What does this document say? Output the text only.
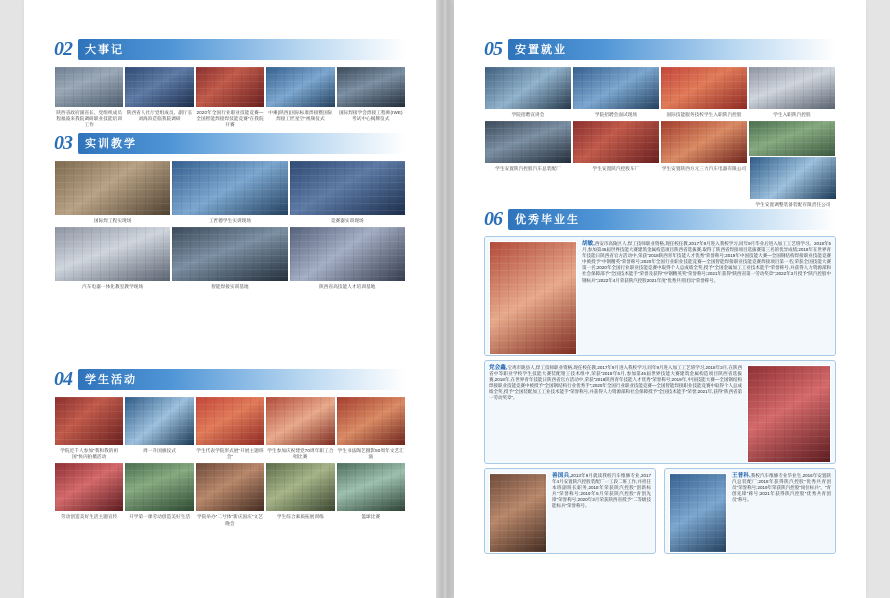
02 大事记
陕西省政府副省长、党组织成员程福波来我院调研职业技能培训工作
陕西省人社厅党组成员、副厅长刘海滨莅临我院调研
2020年全国行业职业技能竞赛—全国智能焊接焊技能竞赛“在我院开赛
中乘(陕西)国际标准焊接暨国际焊接工匠星空“视频仪式
国际焊接学会焊接工程师(IWE)考试中心揭牌仪式
03 实训教学
国际焊工程实现场	工匠德学生实训现场	竞赛器实训现场
汽车电器一体化教室教学现场	智能焊接实训基地	陕西省高技能人才培训基地
04 学生活动
学院近千人参加“我和我的祖国”快闪拍摄活动
周一升国旗仪式	学生代表学院形式展“开展主题班会”
学生参加庆祝建党70周年职工合唱比赛
学生书法陶艺摄影50周年文艺汇演
劳动创造美好生活主题宣传	开学第一课劳动创造美好生活	学院举办“二兮体“新庆国庆”文艺晚会
学生综合素质拓展训练	篮球比赛
05 安置就业
学院招聘宣讲会	学院招聘会面试现场	国际技能服务技校学生入职陕汽控股	学生入职陕汽控股
学生安置陕汽控股汽车总装配厂	学生安置陕汽控股车厂	学生安置陕西方元三力汽车电器有限公司
学生安置调整装备装配有限责任公司
06 优秀毕业生
胡敏,西安市高陵区人,焊工技师职业资格,现任校任教,2017年9月进入我校学习,同年9月毕业后进入加工工艺班学习。2018年5月,参加第45届世界技能大赛建筑金属构造项目陕西省选拔赛,取得了陕西省焊接项目选拔赛第三名的优异成绩;2018年在世界青年技能日陕西省官方活动中,荣获“2018陕西青年技能人才优秀”荣誉称号;2019年中国技能大赛—全国钢结构焊接职业技能竞赛中被授予“中钢精英”荣誉称号;2020年全国行业职业技能竞赛—全国智能焊接职业技能竞赛焊接项目第一名;荣获全国技能大赛第一名;2020年全国行业职业技能竞赛中取得个人总成绩全奖,授予“全国金属加工工业技术能手”荣誉称号,并获得人力资源部和社会保障部予“全国技术能手”荣誉及获得“中钢精英奖”荣誉称号;2021年获得“陕西省第一劳动奖章”;2022年3月授予“陕汽控股中钢标兵”;2022年4月荣获陕汽控股2021年度“优秀共青团员”荣誉称号。
党会鑫,宝鸡市陇县人,焊工技师职业资格,现任校任教,2017年9月进入我校学习,同年9月进入加工工艺班学习,2018年3月,在陕西省中等职业学校学生技能大赛装配钳工技术组中,荣获“2018年5月,参加第45届世界技能大赛建筑金属构造项目陕西省选拔赛,2018年,在世界青年技能日陕西省官方活动中,荣获“2018陕西青年技能人才优秀”荣誉称号;2019年,中国技能大赛—全国钢结构焊接职业技能竞赛中被授予“全国钢结构行业优秀手”;2020年全国行业职业技能竞赛—全国智能焊接职业技能竞赛中取得个人总成绩全奖,授予“全国装配加工工业技术能手”荣誉称号,并获得人力资源部和社会保障授予“全国技术能手”荣誉;2021年,获得“陕西省第一劳动奖章”。
善国兵,2013年9月就读我校汽车维修专业,2017年4月安置陕汽控股装配厂一工段二班工作,并担任本班副班长职务,2018年荣获陕汽控股“创新标兵”荣誉称号;2019年5月荣获陕汽控股“青创先锋”荣誉称号;2020年3月荣获陕西省授予“二等级技能标兵”荣誉称号。
王普科,我校汽车维修专业毕业生,2016年安置陕汽总装配厂;2018年获得陕汽控股“优秀共青团员”荣誉称号;2019年荣获陕汽控股“岗位标兵”、“青创先锋”称号;2021年获得陕汽控股“优秀共青团员”称号。
